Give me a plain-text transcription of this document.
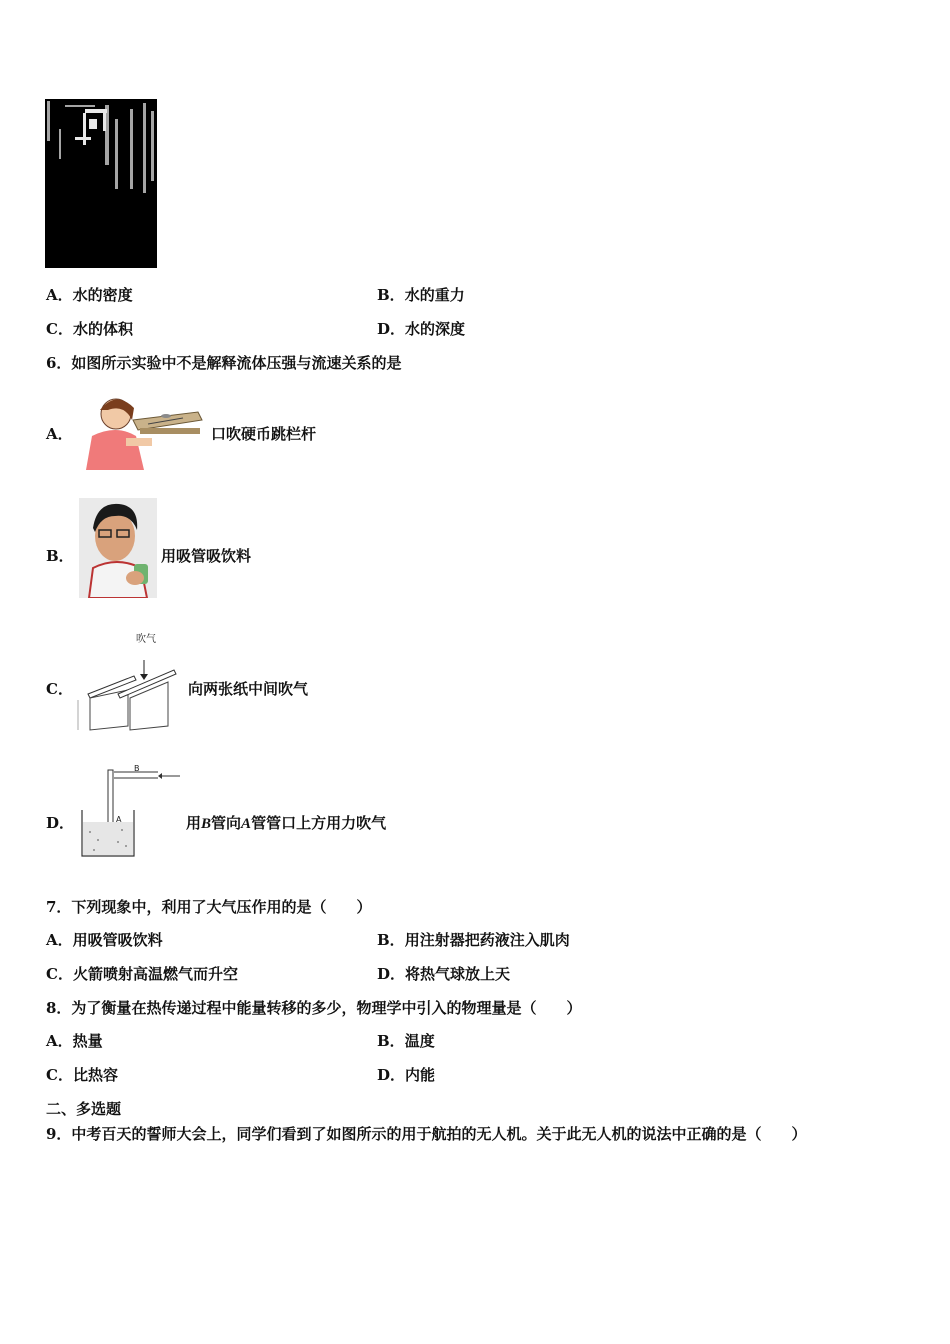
A．水的密度	B．水的重力
C．水的体积	D．水的深度
6．如图所示实验中不是解释流体压强与流速关系的是
A．	口吹硬币跳栏杆
B．	用吸管吸饮料
C．
吹气
向两张纸中间吹气
D．
B
A	用B管向A管管口上方用力吹气
7．下列现象中，利用了大气压作用的是（　　）
A．用吸管吸饮料	B．用注射器把药液注入肌肉
C．火箭喷射高温燃气而升空	D．将热气球放上天
8．为了衡量在热传递过程中能量转移的多少，物理学中引入的物理量是（　　）
A．热量	B．温度
C．比热容	D．内能
二、多选题
9．中考百天的誓师大会上，同学们看到了如图所示的用于航拍的无人机。关于此无人机的说法中正确的是（　　）
